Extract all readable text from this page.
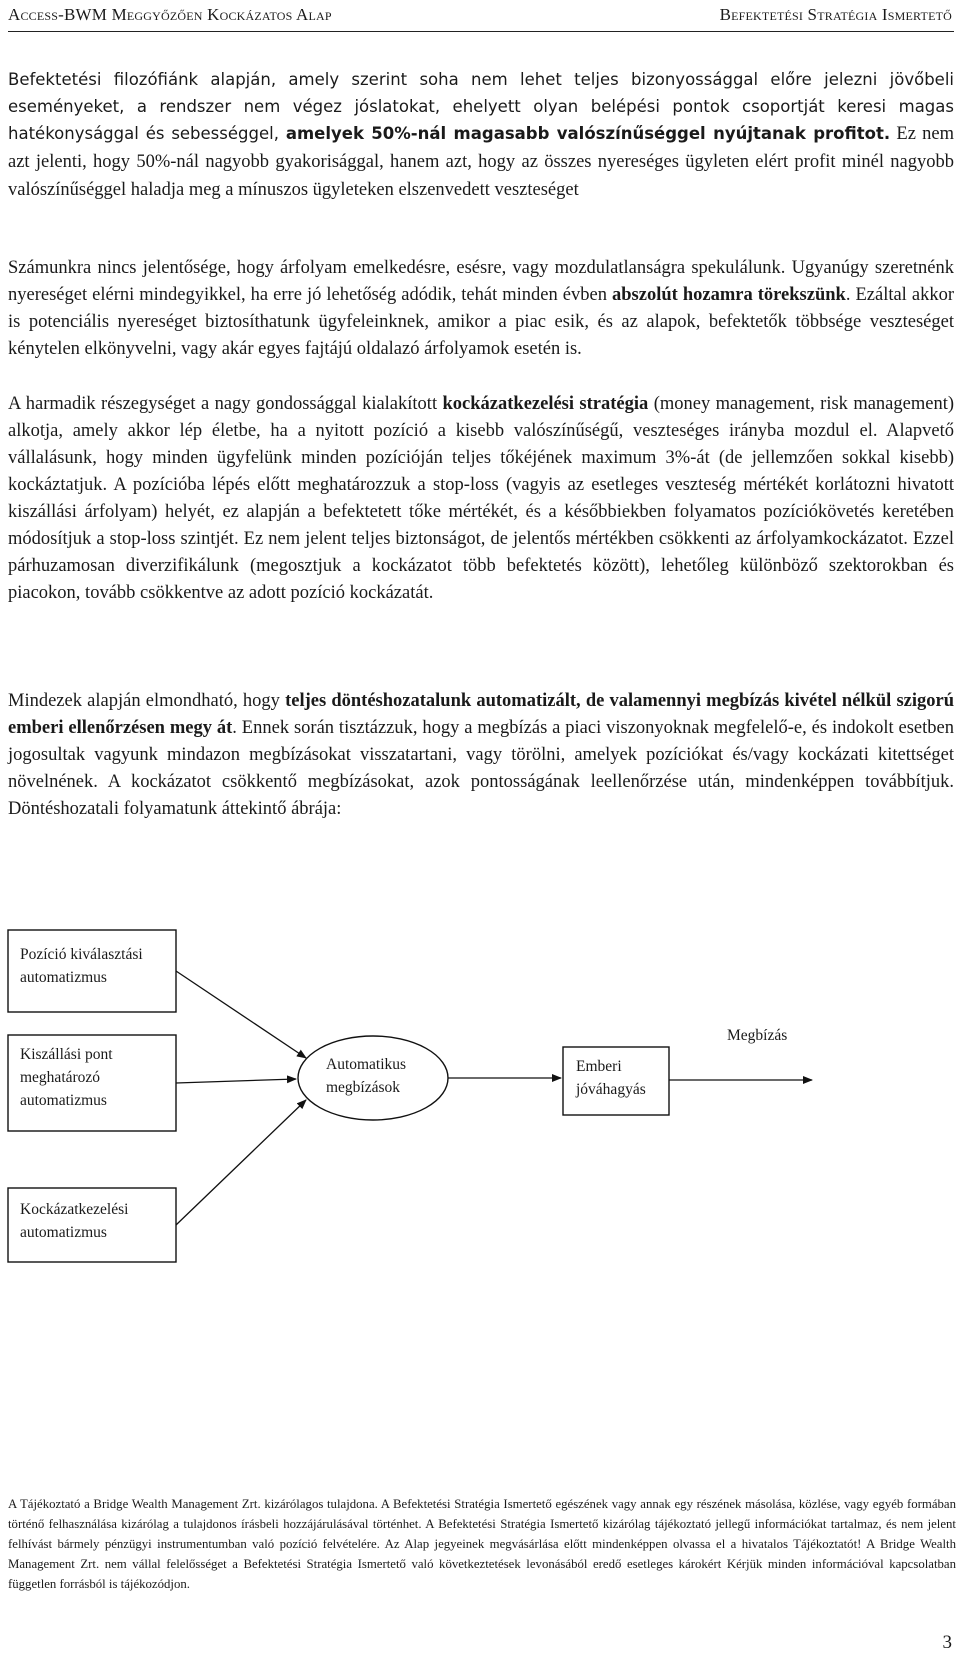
Access-BWM Meggyőzően Kockázatos Alap	Befektetési Stratégia Ismertető

Befektetési filozófiánk alapján, amely szerint soha nem lehet teljes bizonyossággal előre jelezni jövőbeli eseményeket, a rendszer nem végez jóslatokat, ehelyett olyan belépési pontok csoportját keresi magas hatékonysággal és sebességgel, amelyek 50%-nál magasabb valószínűséggel nyújtanak profitot. Ez nem azt jelenti, hogy 50%-nál nagyobb gyakorisággal, hanem azt, hogy az összes nyereséges ügyleten elért profit minél nagyobb valószínűséggel haladja meg a mínuszos ügyleteken elszenvedett veszteséget

Számunkra nincs jelentősége, hogy árfolyam emelkedésre, esésre, vagy mozdulatlanságra spekulálunk. Ugyanúgy szeretnénk nyereséget elérni mindegyikkel, ha erre jó lehetőség adódik, tehát minden évben abszolút hozamra törekszünk. Ezáltal akkor is potenciális nyereséget biztosíthatunk ügyfeleinknek, amikor a piac esik, és az alapok, befektetők többsége veszteséget kénytelen elkönyvelni, vagy akár egyes fajtájú oldalazó árfolyamok esetén is.

A harmadik részegységet a nagy gondossággal kialakított kockázatkezelési stratégia (money management, risk management) alkotja, amely akkor lép életbe, ha a nyitott pozíció a kisebb valószínűségű, veszteséges irányba mozdul el. Alapvető vállalásunk, hogy minden ügyfelünk minden pozícióján teljes tőkéjének maximum 3%-át (de jellemzően sokkal kisebb) kockáztatjuk. A pozícióba lépés előtt meghatározzuk a stop-loss (vagyis az esetleges veszteség mértékét korlátozni hivatott kiszállási árfolyam) helyét, ez alapján a befektetett tőke mértékét, és a későbbiekben folyamatos pozíciókövetés keretében módosítjuk a stop-loss szintjét. Ez nem jelent teljes biztonságot, de jelentős mértékben csökkenti az árfolyamkockázatot. Ezzel párhuzamosan diverzifikálunk (megosztjuk a kockázatot több befektetés között), lehetőleg különböző szektorokban és piacokon, tovább csökkentve az adott pozíció kockázatát.

Mindezek alapján elmondható, hogy teljes döntéshozatalunk automatizált, de valamennyi megbízás kivétel nélkül szigorú emberi ellenőrzésen megy át. Ennek során tisztázzuk, hogy a megbízás a piaci viszonyoknak megfelelő-e, és indokolt esetben jogosultak vagyunk mindazon megbízásokat visszatartani, vagy törölni, amelyek pozíciókat és/vagy kockázati kitettséget növelnének. A kockázatot csökkentő megbízásokat, azok pontosságának leellenőrzése után, mindenképpen továbbítjuk. Döntéshozatali folyamatunk áttekintő ábrája:

Pozíció kiválasztási
automatizmus
Kiszállási pont
meghatározó
automatizmus
Kockázatkezelési
automatizmus
Automatikus
megbízások
Emberi
jóváhagyás
Megbízás
A Tájékoztató a Bridge Wealth Management Zrt. kizárólagos tulajdona. A Befektetési Stratégia Ismertető egészének vagy annak egy részének másolása, közlése, vagy egyéb formában történő felhasználása kizárólag a tulajdonos írásbeli hozzájárulásával történhet. A Befektetési Stratégia Ismertető kizárólag tájékoztató jellegű információkat tartalmaz, és nem jelent felhívást bármely pénzügyi instrumentumban való pozíció felvételére. Az Alap jegyeinek megvásárlása előtt mindenképpen olvassa el a hivatalos Tájékoztatót! A Bridge Wealth Management Zrt. nem vállal felelősséget a Befektetési Stratégia Ismertető való következtetések levonásából eredő esetleges károkért Kérjük minden információval kapcsolatban független forrásból is tájékozódjon.
3
